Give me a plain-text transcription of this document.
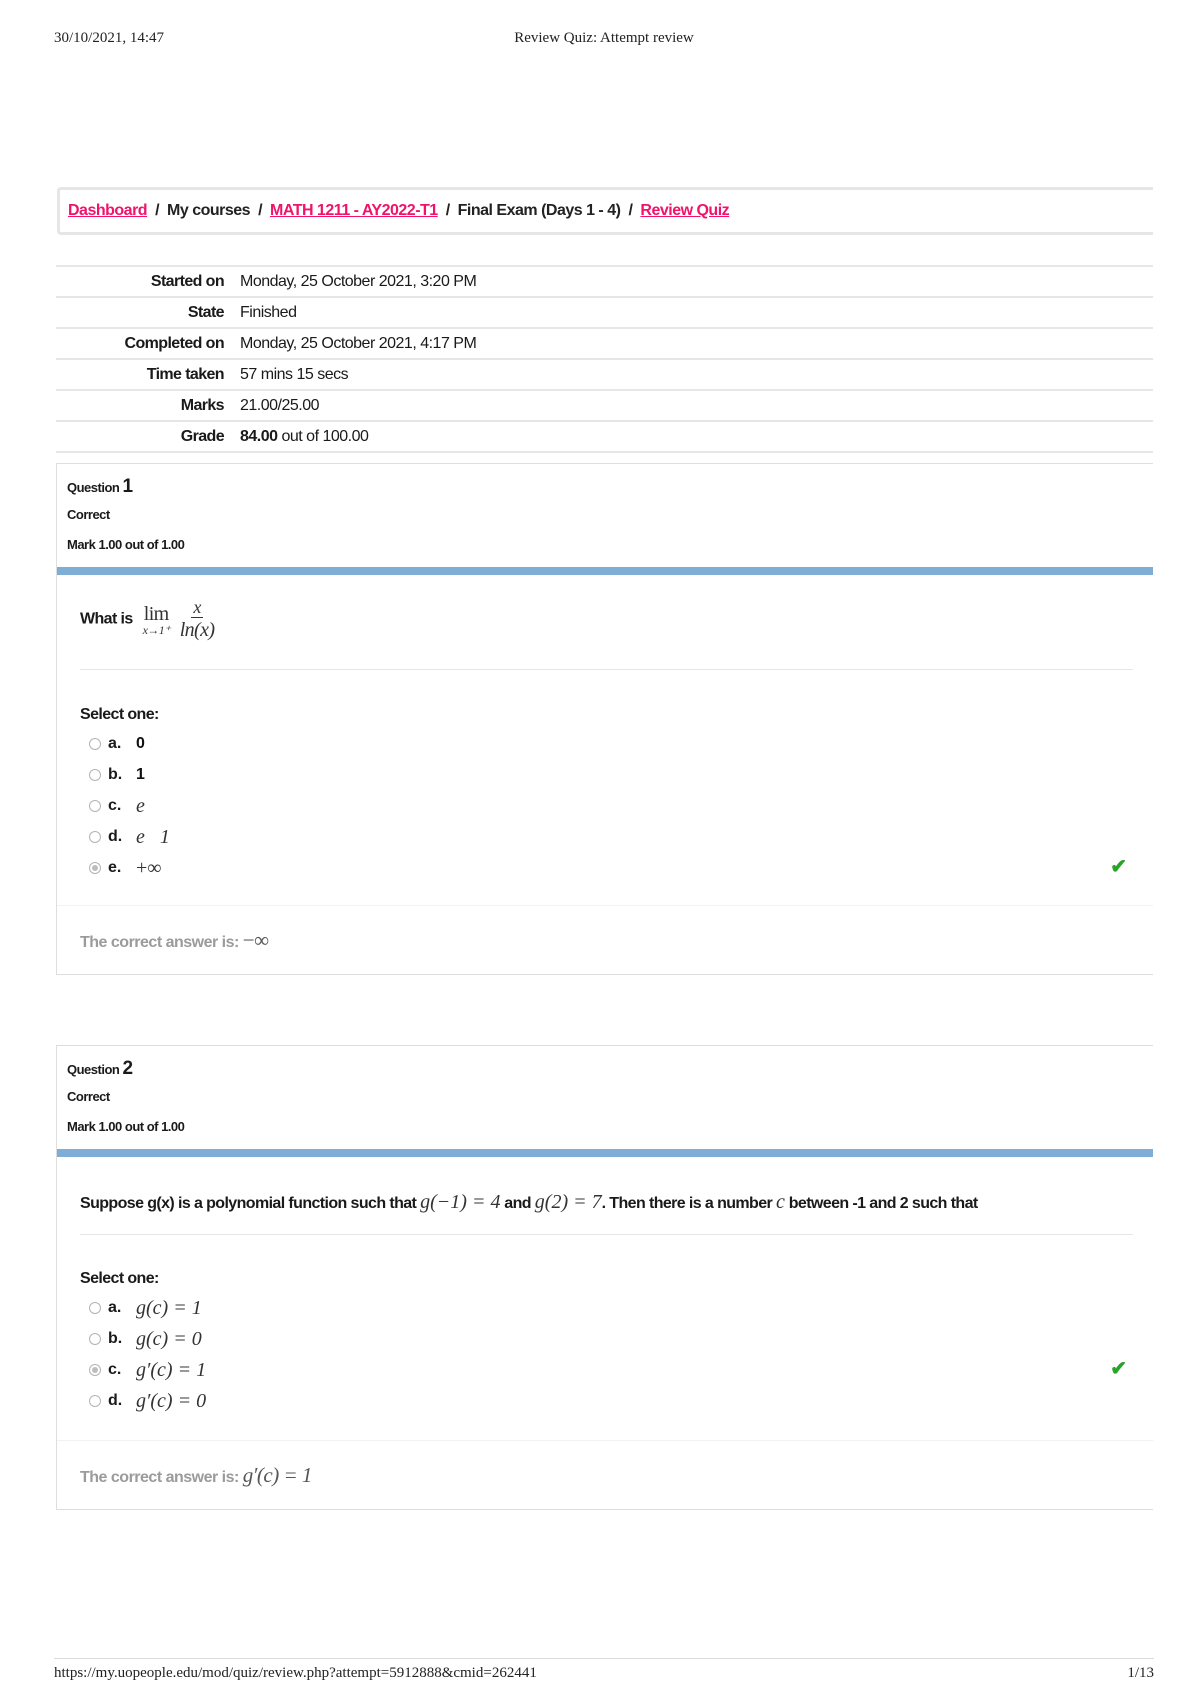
30/10/2021, 14:47	Review Quiz: Attempt review
Dashboard / My courses / MATH 1211 - AY2022-T1 / Final Exam (Days 1 - 4) / Review Quiz
Started on	Monday, 25 October 2021, 3:20 PM
State	Finished
Completed on	Monday, 25 October 2021, 4:17 PM
Time taken	57 mins 15 secs
Marks	21.00/25.00
Grade	84.00 out of 100.00
Question 1
Correct
Mark 1.00 out of 1.00
What is lim
x→1⁺
$\frac{x}{\ln(x)}$
Select one:
a. 0
b. 1
c. e
d. e   1
e. +∞	✔
The correct answer is: −∞
Question 2
Correct
Mark 1.00 out of 1.00
Suppose g(x) is a polynomial function such that g(−1) = 4 and g(2) = 7. Then there is a number c between -1 and 2 such that
Select one:
a. g(c) = 1
b. g(c) = 0
c. g′(c) = 1
d. g′(c) = 0
✔
The correct answer is: g′(c) = 1
https://my.uopeople.edu/mod/quiz/review.php?attempt=5912888&cmid=262441	1/13
